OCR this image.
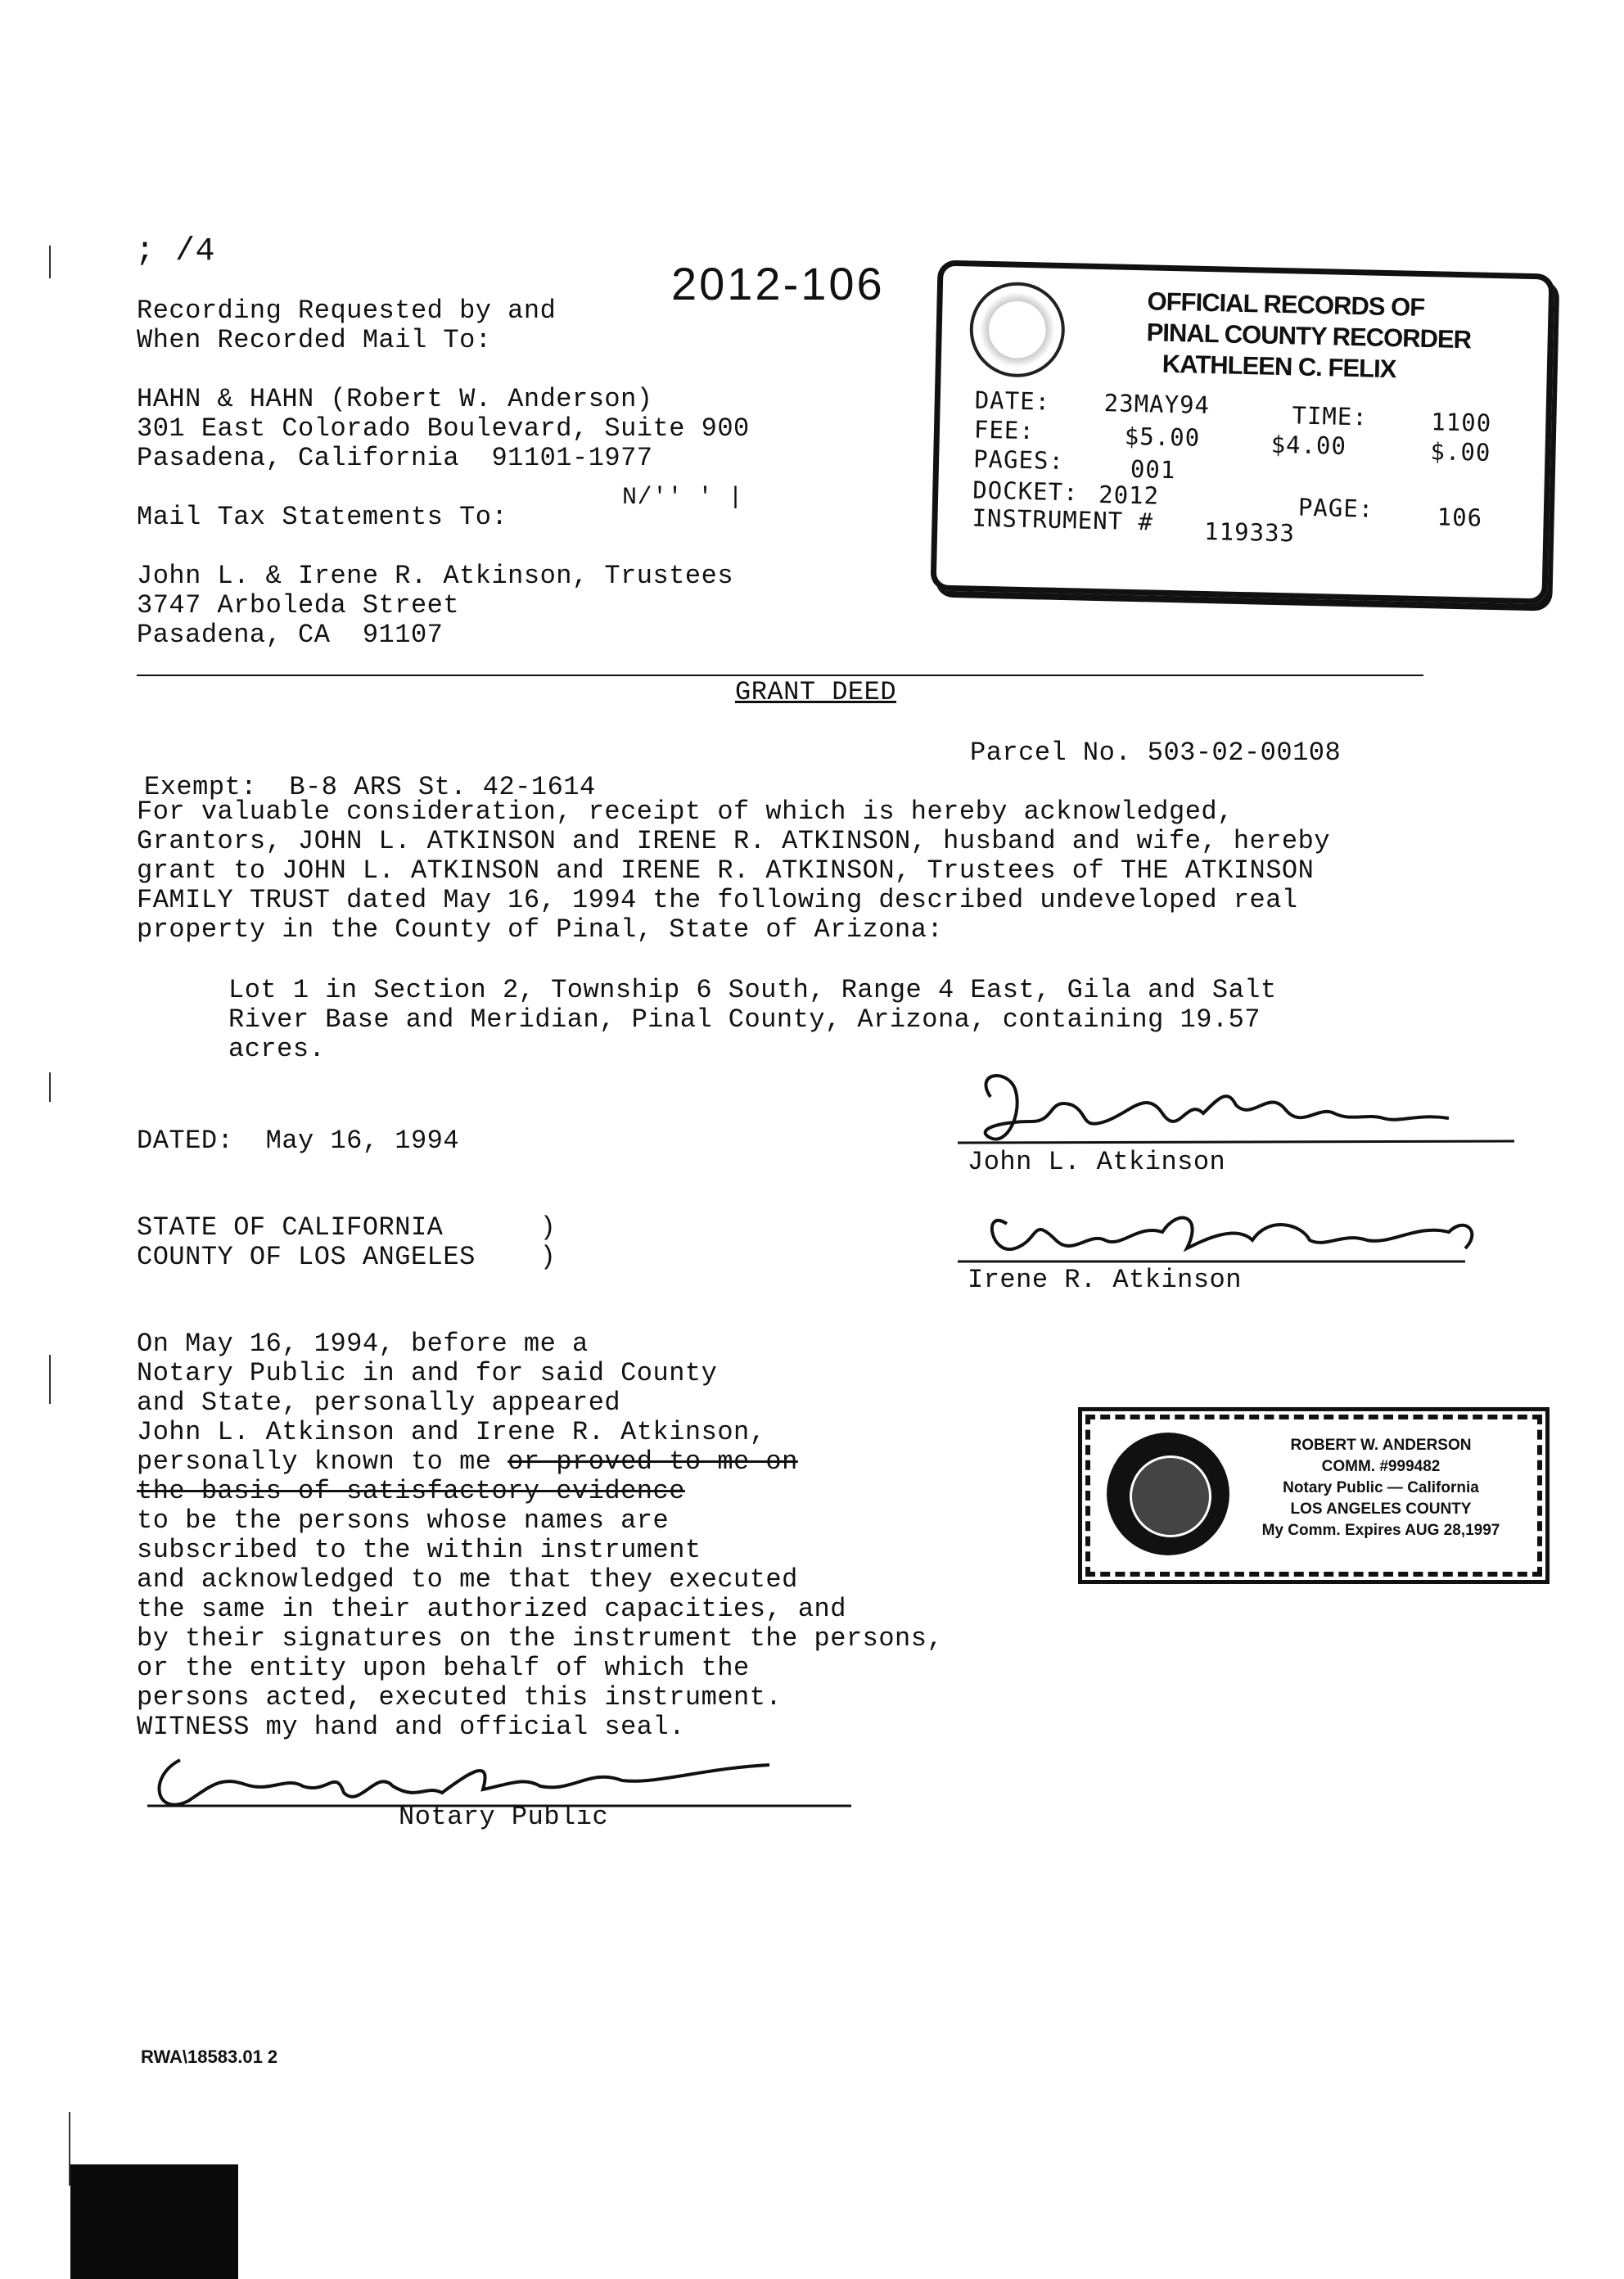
; /4
N/′′ ' |
2012-106
Recording Requested by and
When Recorded Mail To:
HAHN & HAHN (Robert W. Anderson)
301 East Colorado Boulevard, Suite 900
Pasadena, California  91101-1977
Mail Tax Statements To:
John L. & Irene R. Atkinson, Trustees
3747 Arboleda Street
Pasadena, CA  91107
OFFICIAL RECORDS OF
PINAL COUNTY RECORDER
KATHLEEN C. FELIX
DATE: 23MAY94	TIME:	1100
FEE:	$5.00	$4.00	$.00
PAGES:	001
DOCKET: 2012	PAGE:	106
INSTRUMENT # 119333
GRANT DEED
Parcel No. 503-02-00108
Exempt:  B-8 ARS St. 42-1614
For valuable consideration, receipt of which is hereby acknowledged,
Grantors, JOHN L. ATKINSON and IRENE R. ATKINSON, husband and wife, hereby
grant to JOHN L. ATKINSON and IRENE R. ATKINSON, Trustees of THE ATKINSON
FAMILY TRUST dated May 16, 1994 the following described undeveloped real
property in the County of Pinal, State of Arizona:
Lot 1 in Section 2, Township 6 South, Range 4 East, Gila and Salt
River Base and Meridian, Pinal County, Arizona, containing 19.57
acres.
DATED:  May 16, 1994
John L. Atkinson
STATE OF CALIFORNIA      )
COUNTY OF LOS ANGELES    )
Irene R. Atkinson
On May 16, 1994, before me a
Notary Public in and for said County
and State, personally appeared
John L. Atkinson and Irene R. Atkinson,
personally known to me or proved to me on
the basis of satisfactory evidence
to be the persons whose names are
subscribed to the within instrument
and acknowledged to me that they executed
the same in their authorized capacities, and
by their signatures on the instrument the persons,
or the entity upon behalf of which the
persons acted, executed this instrument.
WITNESS my hand and official seal.
ROBERT W. ANDERSON
COMM. #999482
Notary Public — California
LOS ANGELES COUNTY
My Comm. Expires AUG 28,1997
Notary Public
RWA\18583.01 2
